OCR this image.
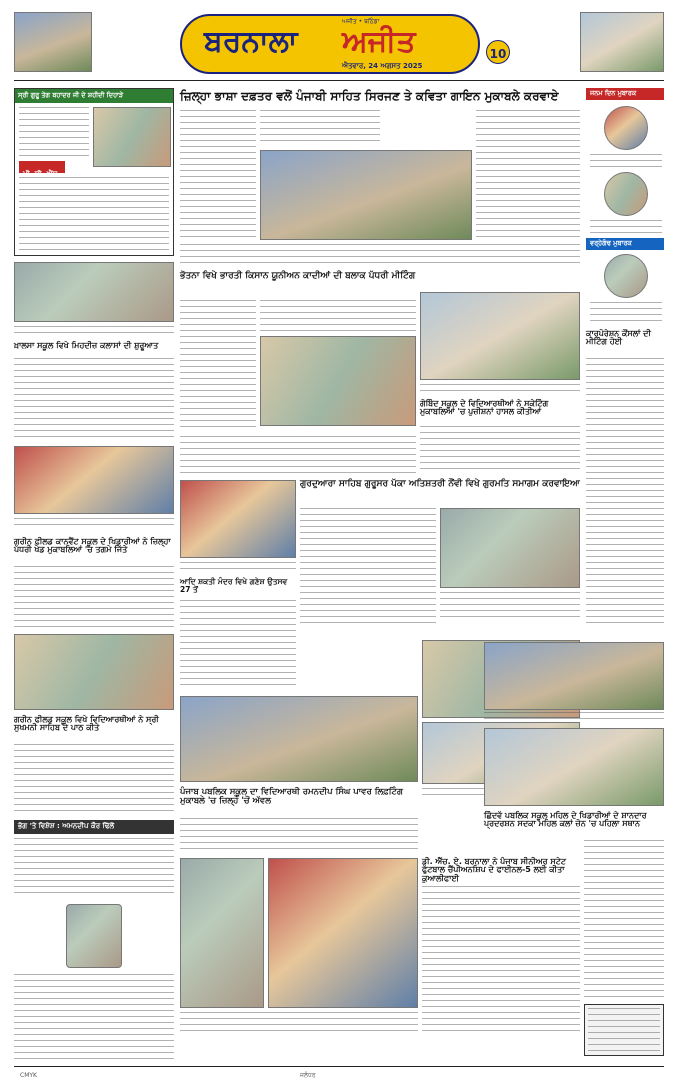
ਬਰਨਾਲਾ ਅਜੀਤ
ਅਜੀਤ • ਬਠਿੰਡਾ
ਐਤਵਾਰ, 24 ਅਗਸਤ 2025
10
ਸ੍ਰੀ ਗੁਰੂ ਤੇਗ ਬਹਾਦਰ ਜੀ ਦੇ ਸ਼ਹੀਦੀ ਦਿਹਾੜੇ
ਪੀ. ਸੀ. ਐੱਸ
ਖ਼ਾਲਸਾ ਸਕੂਲ ਵਿਖੇ ਮਿਹਦੀਜ਼ ਕਲਾਸਾਂ ਦੀ ਸ਼ੁਰੂਆਤ
ਗਰੀਨ ਫ਼ੀਲਡ ਕਾਨਵੈਂਟ ਸਕੂਲ ਦੇ ਖਿਡਾਰੀਆਂ ਨੇ ਜ਼ਿਲ੍ਹਾ ਪੱਧਰੀ ਖੇਡ ਮੁਕਾਬਲਿਆਂ 'ਚ ਤਗਮੇ ਜਿੱਤੇ
ਗਰੀਨ ਫੀਲਡ ਸਕੂਲ ਵਿਖੇ ਵਿਦਿਆਰਥੀਆਂ ਨੇ ਸ੍ਰੀ ਸੁਖਮਨੀ ਸਾਹਿਬ ਦੇ ਪਾਠ ਕੀਤੇ
ਭੋਗ 'ਤੇ ਵਿਸ਼ੇਸ਼ : ਅਮਨਦੀਪ ਕੌਰ ਢਿੱਲੋਂ
ਜ਼ਿਲ੍ਹਾ ਭਾਸ਼ਾ ਦਫ਼ਤਰ ਵਲੋਂ ਪੰਜਾਬੀ ਸਾਹਿਤ ਸਿਰਜਣ ਤੇ ਕਵਿਤਾ ਗਾਇਨ ਮੁਕਾਬਲੇ ਕਰਵਾਏ
ਭੋਤਨਾ ਵਿਖੇ ਭਾਰਤੀ ਕਿਸਾਨ ਯੂਨੀਅਨ ਕਾਦੀਆਂ ਦੀ ਬਲਾਕ ਪੱਧਰੀ ਮੀਟਿੰਗ
ਗੋਬਿੰਦ ਸਕੂਲ ਦੇ ਵਿਦਿਆਰਥੀਆਂ ਨੇ ਸਕੇਟਿੰਗ ਮੁਕਾਬਲਿਆਂ 'ਚ ਪੁਜ਼ੀਸ਼ਨਾਂ ਹਾਸਲ ਕੀਤੀਆਂ
ਗੁਰਦੁਆਰਾ ਸਾਹਿਬ ਗੁਰੂਸਰ ਪੱਕਾ ਅਤਿਸ਼ਤਰੀ ਨੌਂਵੀ ਵਿਖੇ ਗੁਰਮਤਿ ਸਮਾਗਮ ਕਰਵਾਇਆ
ਆਦਿ ਸ਼ਕਤੀ ਮੰਦਰ ਵਿਖੇ ਗਣੇਸ਼ ਉਤਸਵ 27 ਤੋਂ
ਪੰਜਾਬ ਪਬਲਿਕ ਸਕੂਲ ਦਾ ਵਿਦਿਆਰਥੀ ਰਮਨਦੀਪ ਸਿੰਘ ਪਾਵਰ ਲਿਫ਼ਟਿੰਗ ਮੁਕਾਬਲੇ 'ਚ ਜ਼ਿਲ੍ਹੇ 'ਚੋਂ ਅੱਵਲ
ਡੀ. ਐੱਚ. ਏ. ਬਰਨਾਲਾ ਨੇ ਪੰਜਾਬ ਸੀਨੀਅਰ ਸਟੇਟ ਫੁੱਟਬਾਲ ਚੈਂਪੀਅਨਸ਼ਿਪ ਦੇ ਫਾਈਨਲ-5 ਲਈ ਕੀਤਾ ਕੁਆਲੀਫਾਈ
ਜਨਮ ਦਿਨ ਮੁਬਾਰਕ
ਵਰ੍ਹੇਗੰਢ ਮੁਬਾਰਕ
ਕਾਰਪੋਰੇਸ਼ਨ ਕੌਂਸਲਾਂ ਦੀ ਮੀਟਿੰਗ ਹੋਈ
ਛਿੰਦਵੱ ਪਬਲਿਕ ਸਕੂਲ ਮਹਿਲ ਦੇ ਖਿਡਾਰੀਆਂ ਦੇ ਸ਼ਾਨਦਾਰ ਪ੍ਰਦਰਸ਼ਨ ਸਦਕਾ ਮਹਿਲ ਕਲਾਂ ਜ਼ੋਨ 'ਚ ਪਹਿਲਾ ਸਥਾਨ
CMYK	ਜਲੰਧਰ
